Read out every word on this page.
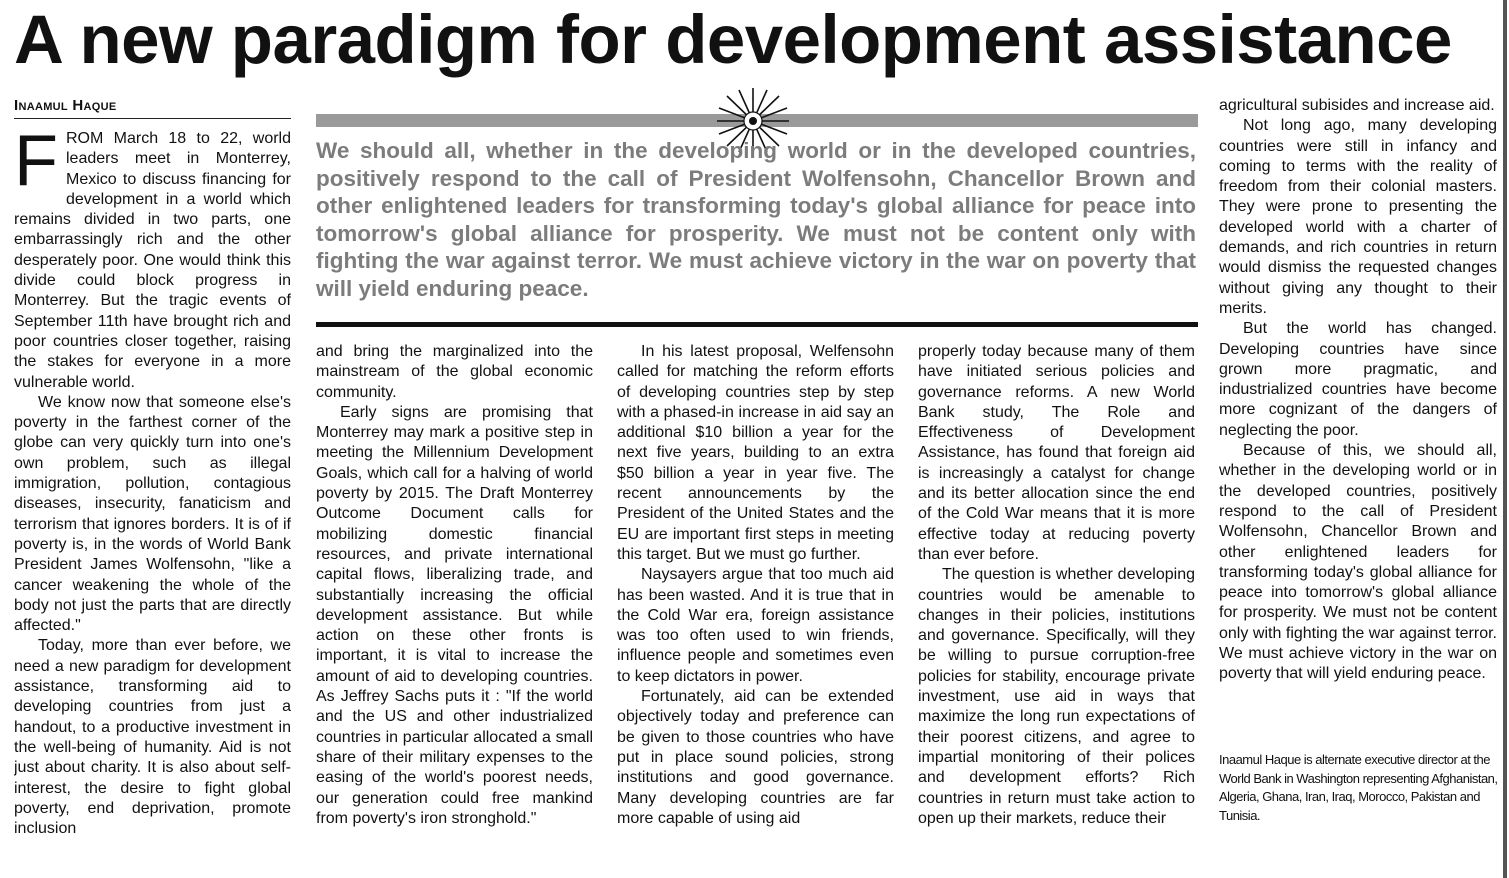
A new paradigm for development assistance
Inaamul Haque
F ROM March 18 to 22, world leaders meet in Monterrey, Mexico to discuss financing for development in a world which remains divided in two parts, one embarrassingly rich and the other desperately poor. One would think this divide could block progress in Monterrey. But the tragic events of September 11th have brought rich and poor countries closer together, raising the stakes for everyone in a more vulnerable world.

We know now that someone else's poverty in the farthest corner of the globe can very quickly turn into one's own problem, such as illegal immigration, pollution, contagious diseases, insecurity, fanaticism and terrorism that ignores borders. It is of if poverty is, in the words of World Bank President James Wolfensohn, "like a cancer weakening the whole of the body not just the parts that are directly affected."

Today, more than ever before, we need a new paradigm for development assistance, transforming aid to developing countries from just a handout, to a productive investment in the well-being of humanity. Aid is not just about charity. It is also about self-interest, the desire to fight global poverty, end deprivation, promote inclusion

We should all, whether in the developing world or in the developed countries, positively respond to the call of President Wolfensohn, Chancellor Brown and other enlightened leaders for transforming today's global alliance for peace into tomorrow's global alliance for prosperity. We must not be content only with fighting the war against terror. We must achieve victory in the war on poverty that will yield enduring peace.

and bring the marginalized into the mainstream of the global economic community.

Early signs are promising that Monterrey may mark a positive step in meeting the Millennium Development Goals, which call for a halving of world poverty by 2015. The Draft Monterrey Outcome Document calls for mobilizing domestic financial resources, and private international capital flows, liberalizing trade, and substantially increasing the official development assistance. But while action on these other fronts is important, it is vital to increase the amount of aid to developing countries. As Jeffrey Sachs puts it : "If the world and the US and other industrialized countries in particular allocated a small share of their military expenses to the easing of the world's poorest needs, our generation could free mankind from poverty's iron stronghold."

In his latest proposal, Welfensohn called for matching the reform efforts of developing countries step by step with a phased-in increase in aid say an additional $10 billion a year for the next five years, building to an extra $50 billion a year in year five. The recent announcements by the President of the United States and the EU are important first steps in meeting this target. But we must go further.

Naysayers argue that too much aid has been wasted. And it is true that in the Cold War era, foreign assistance was too often used to win friends, influence people and sometimes even to keep dictators in power.

Fortunately, aid can be extended objectively today and preference can be given to those countries who have put in place sound policies, strong institutions and good governance. Many developing countries are far more capable of using aid

properly today because many of them have initiated serious policies and governance reforms. A new World Bank study, The Role and Effectiveness of Development Assistance, has found that foreign aid is increasingly a catalyst for change and its better allocation since the end of the Cold War means that it is more effective today at reducing poverty than ever before.

The question is whether developing countries would be amenable to changes in their policies, institutions and governance. Specifically, will they be willing to pursue corruption-free policies for stability, encourage private investment, use aid in ways that maximize the long run expectations of their poorest citizens, and agree to impartial monitoring of their polices and development efforts? Rich countries in return must take action to open up their markets, reduce their

agricultural subisides and increase aid.

Not long ago, many developing countries were still in infancy and coming to terms with the reality of freedom from their colonial masters. They were prone to presenting the developed world with a charter of demands, and rich countries in return would dismiss the requested changes without giving any thought to their merits.

But the world has changed. Developing countries have since grown more pragmatic, and industrialized countries have become more cognizant of the dangers of neglecting the poor.

Because of this, we should all, whether in the developing world or in the developed countries, positively respond to the call of President Wolfensohn, Chancellor Brown and other enlightened leaders for transforming today's global alliance for peace into tomorrow's global alliance for prosperity. We must not be content only with fighting the war against terror. We must achieve victory in the war on poverty that will yield enduring peace.

Inaamul Haque is alternate executive director at the World Bank in Washington representing Afghanistan, Algeria, Ghana, Iran, Iraq, Morocco, Pakistan and Tunisia.
